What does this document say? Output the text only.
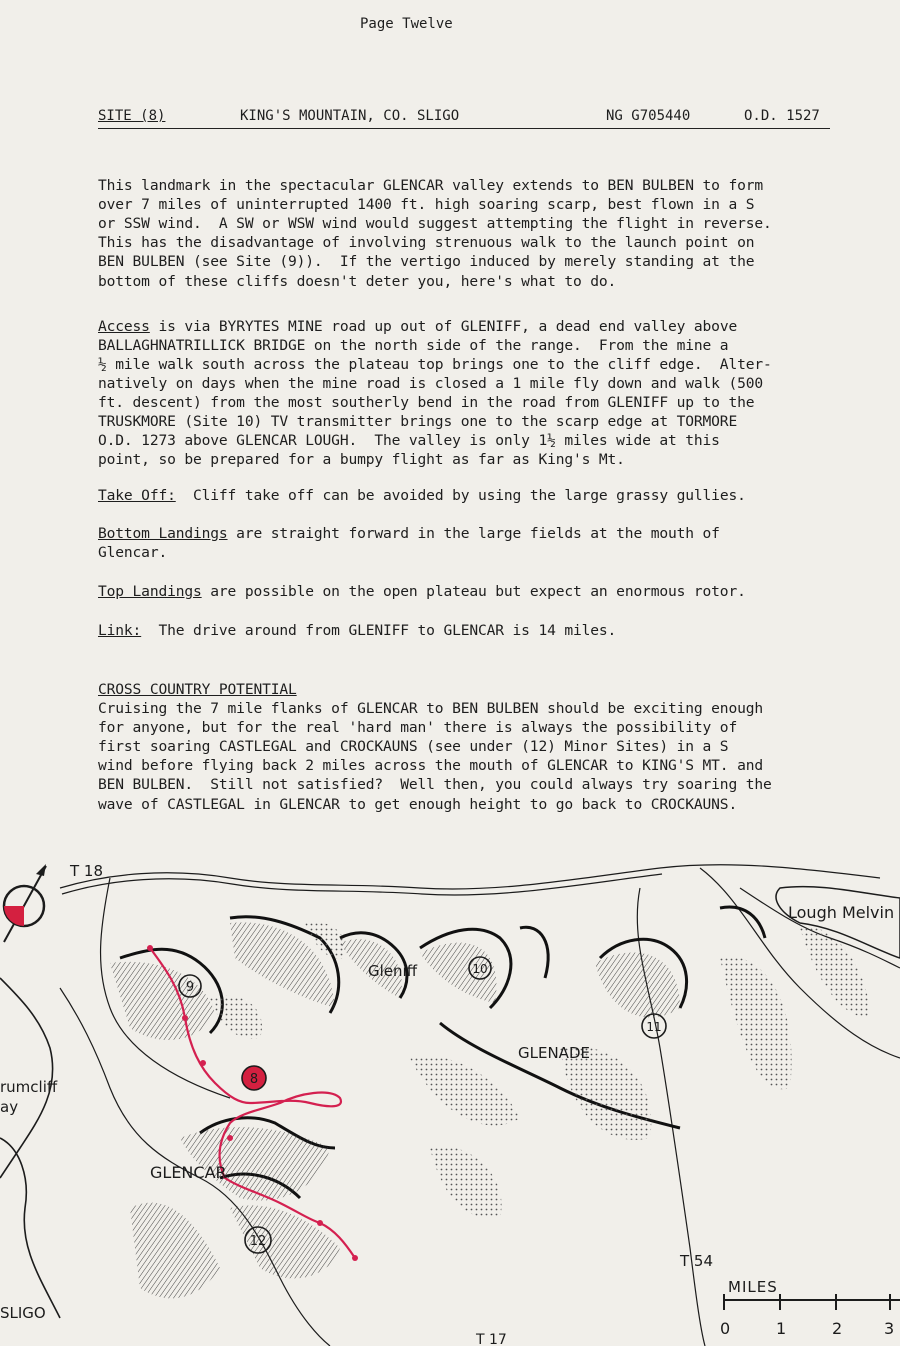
Page Twelve
SITE (8)	KING'S MOUNTAIN, CO. SLIGO	NG G705440	O.D. 1527
This landmark in the spectacular GLENCAR valley extends to BEN BULBEN to form
over 7 miles of uninterrupted 1400 ft. high soaring scarp, best flown in a S
or SSW wind.  A SW or WSW wind would suggest attempting the flight in reverse.
This has the disadvantage of involving strenuous walk to the launch point on
BEN BULBEN (see Site (9)).  If the vertigo induced by merely standing at the
bottom of these cliffs doesn't deter you, here's what to do.
Access is via BYRYTES MINE road up out of GLENIFF, a dead end valley above
BALLAGHNATRILLICK BRIDGE on the north side of the range.  From the mine a
½ mile walk south across the plateau top brings one to the cliff edge.  Alter-
natively on days when the mine road is closed a 1 mile fly down and walk (500
ft. descent) from the most southerly bend in the road from GLENIFF up to the
TRUSKMORE (Site 10) TV transmitter brings one to the scarp edge at TORMORE
O.D. 1273 above GLENCAR LOUGH.  The valley is only 1½ miles wide at this
point, so be prepared for a bumpy flight as far as King's Mt.
Take Off:  Cliff take off can be avoided by using the large grassy gullies.
Bottom Landings are straight forward in the large fields at the mouth of
Glencar.
Top Landings are possible on the open plateau but expect an enormous rotor.
Link:  The drive around from GLENIFF to GLENCAR is 14 miles.
CROSS COUNTRY POTENTIAL
Cruising the 7 mile flanks of GLENCAR to BEN BULBEN should be exciting enough
for anyone, but for the real 'hard man' there is always the possibility of
first soaring CASTLEGAL and CROCKAUNS (see under (12) Minor Sites) in a S
wind before flying back 2 miles across the mouth of GLENCAR to KING'S MT. and
BEN BULBEN.  Still not satisfied?  Well then, you could always try soaring the
wave of CASTLEGAL in GLENCAR to get enough height to go back to CROCKAUNS.
9
8
10
11
12
T 18
Gleniff
GLENADE
GLENCAR
Lough Melvin
rumcliff
ay
SLIGO
T 54
T 17
MILES
0	1	2	3
